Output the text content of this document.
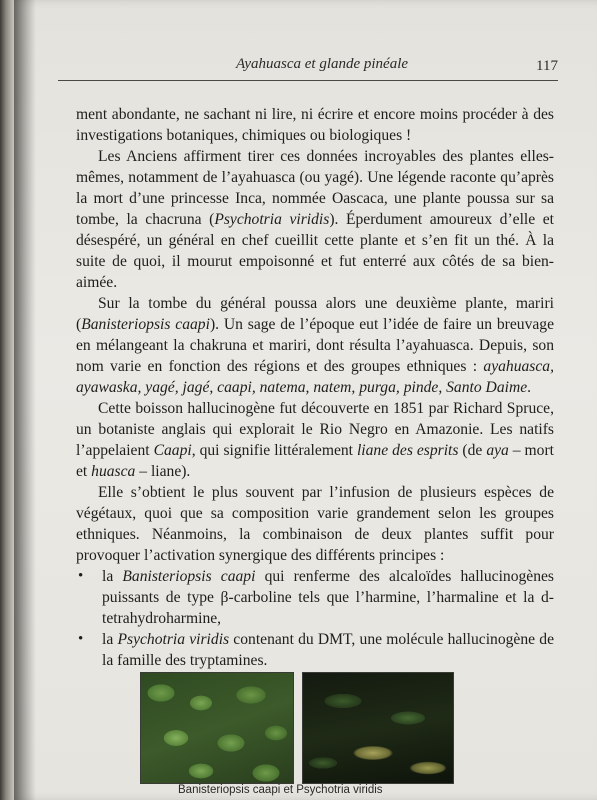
Ayahuasca et glande pinéale	117

ment abondante, ne sachant ni lire, ni écrire et encore moins procéder à des investigations botaniques, chimiques ou biologiques !

Les Anciens affirment tirer ces données incroyables des plantes elles-mêmes, notamment de l’ayahuasca (ou yagé). Une légende raconte qu’après la mort d’une princesse Inca, nommée Oascaca, une plante poussa sur sa tombe, la chacruna (Psychotria viridis). Éperdument amoureux d’elle et désespéré, un général en chef cueillit cette plante et s’en fit un thé. À la suite de quoi, il mourut empoisonné et fut enterré aux côtés de sa bien-aimée.

Sur la tombe du général poussa alors une deuxième plante, mariri (Banisteriopsis caapi). Un sage de l’époque eut l’idée de faire un breuvage en mélangeant la chakruna et mariri, dont résulta l’ayahuasca. Depuis, son nom varie en fonction des régions et des groupes ethniques : ayahuasca, ayawaska, yagé, jagé, caapi, natema, natem, purga, pinde, Santo Daime.

Cette boisson hallucinogène fut découverte en 1851 par Richard Spruce, un botaniste anglais qui explorait le Rio Negro en Amazonie. Les natifs l’appelaient Caapi, qui signifie littéralement liane des esprits (de aya – mort et huasca – liane).

Elle s’obtient le plus souvent par l’infusion de plusieurs espèces de végétaux, quoi que sa composition varie grandement selon les groupes ethniques. Néanmoins, la combinaison de deux plantes suffit pour provoquer l’activation synergique des différents principes :

• la Banisteriopsis caapi qui renferme des alcaloïdes hallucinogènes puissants de type β-carboline tels que l’harmine, l’harmaline et la d-tetrahydroharmine,
• la Psychotria viridis contenant du DMT, une molécule hallucinogène de la famille des tryptamines.
Banisteriopsis caapi et Psychotria viridis
